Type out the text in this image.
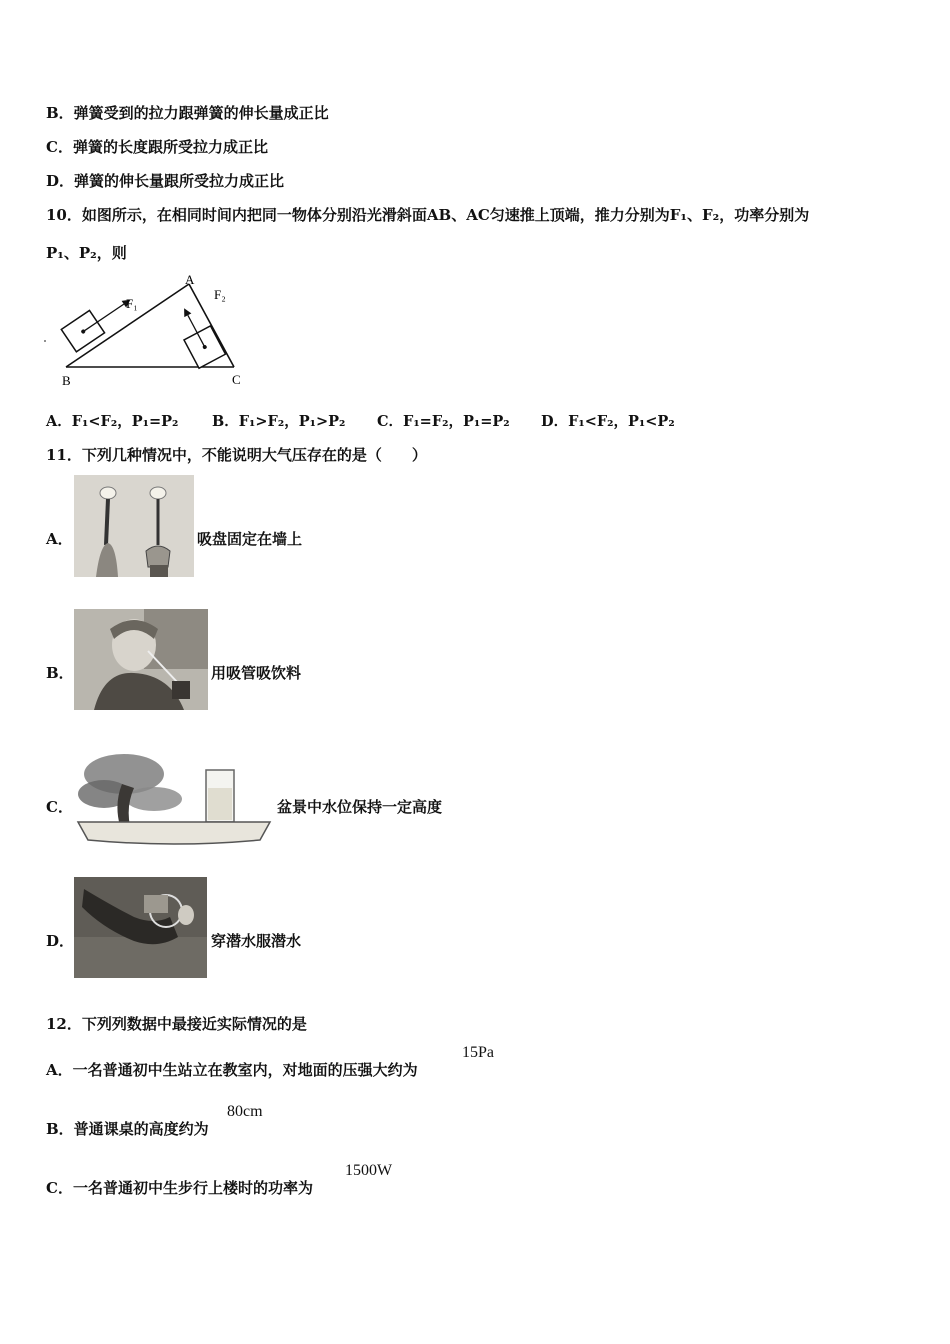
B．弹簧受到的拉力跟弹簧的伸长量成正比
C．弹簧的长度跟所受拉力成正比
D．弹簧的伸长量跟所受拉力成正比
10．如图所示，在相同时间内把同一物体分别沿光滑斜面AB、AC匀速推上顶端，推力分别为F₁、F₂，功率分别为
P₁、P₂，则
A
B	C
F₁
F₂
A．F₁<F₂，P₁=P₂ B．F₁>F₂，P₁>P₂ C．F₁=F₂，P₁=P₂ D．F₁<F₂，P₁<P₂
11．下列几种情况中，不能说明大气压存在的是（　　）
A．	吸盘固定在墙上
B．	用吸管吸饮料
C．	盆景中水位保持一定高度
D．	穿潜水服潜水
12．下列列数据中最接近实际情况的是
A．一名普通初中生站立在教室内，对地面的压强大约为
15Pa
B．普通课桌的高度约为
80cm
C．一名普通初中生步行上楼时的功率为
1500W
